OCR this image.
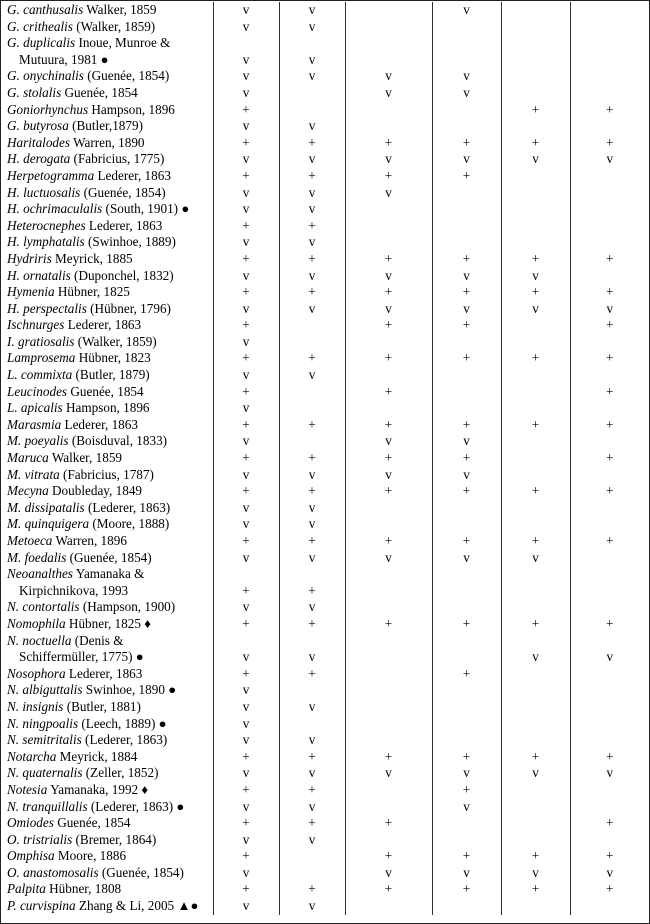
G. canthusalis Walker, 1859	v	v		v		
G. crithealis (Walker, 1859)	v	v				
G. duplicalis Inoue, Munroe &						
Mutuura, 1981 ●	v	v				
G. onychinalis (Guenée, 1854)	v	v	v	v		
G. stolalis Guenée, 1854	v		v	v		
Goniorhynchus Hampson, 1896	+				+	+
G. butyrosa (Butler,1879)	v	v				
Haritalodes Warren, 1890	+	+	+	+	+	+
H. derogata (Fabricius, 1775)	v	v	v	v	v	v
Herpetogramma Lederer, 1863	+	+	+	+		
H. luctuosalis (Guenée, 1854)	v	v	v			
H. ochrimaculalis (South, 1901) ●	v	v				
Heterocnephes Lederer, 1863	+	+				
H. lymphatalis (Swinhoe, 1889)	v	v				
Hydriris Meyrick, 1885	+	+	+	+	+	+
H. ornatalis (Duponchel, 1832)	v	v	v	v	v	
Hymenia Hübner, 1825	+	+	+	+	+	+
H. perspectalis (Hübner, 1796)	v	v	v	v	v	v
Ischnurges Lederer, 1863	+		+	+		+
I. gratiosalis (Walker, 1859)	v					
Lamprosema Hübner, 1823	+	+	+	+	+	+
L. commixta (Butler, 1879)	v	v				
Leucinodes Guenée, 1854	+		+			+
L. apicalis Hampson, 1896	v					
Marasmia Lederer, 1863	+	+	+	+	+	+
M. poeyalis (Boisduval, 1833)	v		v	v		
Maruca Walker, 1859	+	+	+	+		+
M. vitrata (Fabricius, 1787)	v	v	v	v		
Mecyna Doubleday, 1849	+	+	+	+	+	+
M. dissipatalis (Lederer, 1863)	v	v				
M. quinquigera (Moore, 1888)	v	v				
Metoeca Warren, 1896	+	+	+	+	+	+
M. foedalis (Guenée, 1854)	v	v	v	v	v	
Neoanalthes Yamanaka &						
Kirpichnikova, 1993	+	+				
N. contortalis (Hampson, 1900)	v	v				
Nomophila Hübner, 1825 ♦	+	+	+	+	+	+
N. noctuella (Denis &						
Schiffermüller, 1775) ●	v	v			v	v
Nosophora Lederer, 1863	+	+		+		
N. albiguttalis Swinhoe, 1890 ●	v					
N. insignis (Butler, 1881)	v	v				
N. ningpoalis (Leech, 1889) ●	v					
N. semitritalis (Lederer, 1863)	v	v				
Notarcha Meyrick, 1884	+	+	+	+	+	+
N. quaternalis (Zeller, 1852)	v	v	v	v	v	v
Notesia Yamanaka, 1992 ♦	+	+		+		
N. tranquillalis (Lederer, 1863) ●	v	v		v		
Omiodes Guenée, 1854	+	+	+			+
O. tristrialis (Bremer, 1864)	v	v				
Omphisa Moore, 1886	+		+	+	+	+
O. anastomosalis (Guenée, 1854)	v		v	v	v	v
Palpita Hübner, 1808	+	+	+	+	+	+
P. curvispina Zhang & Li, 2005 ▲●	v	v				
